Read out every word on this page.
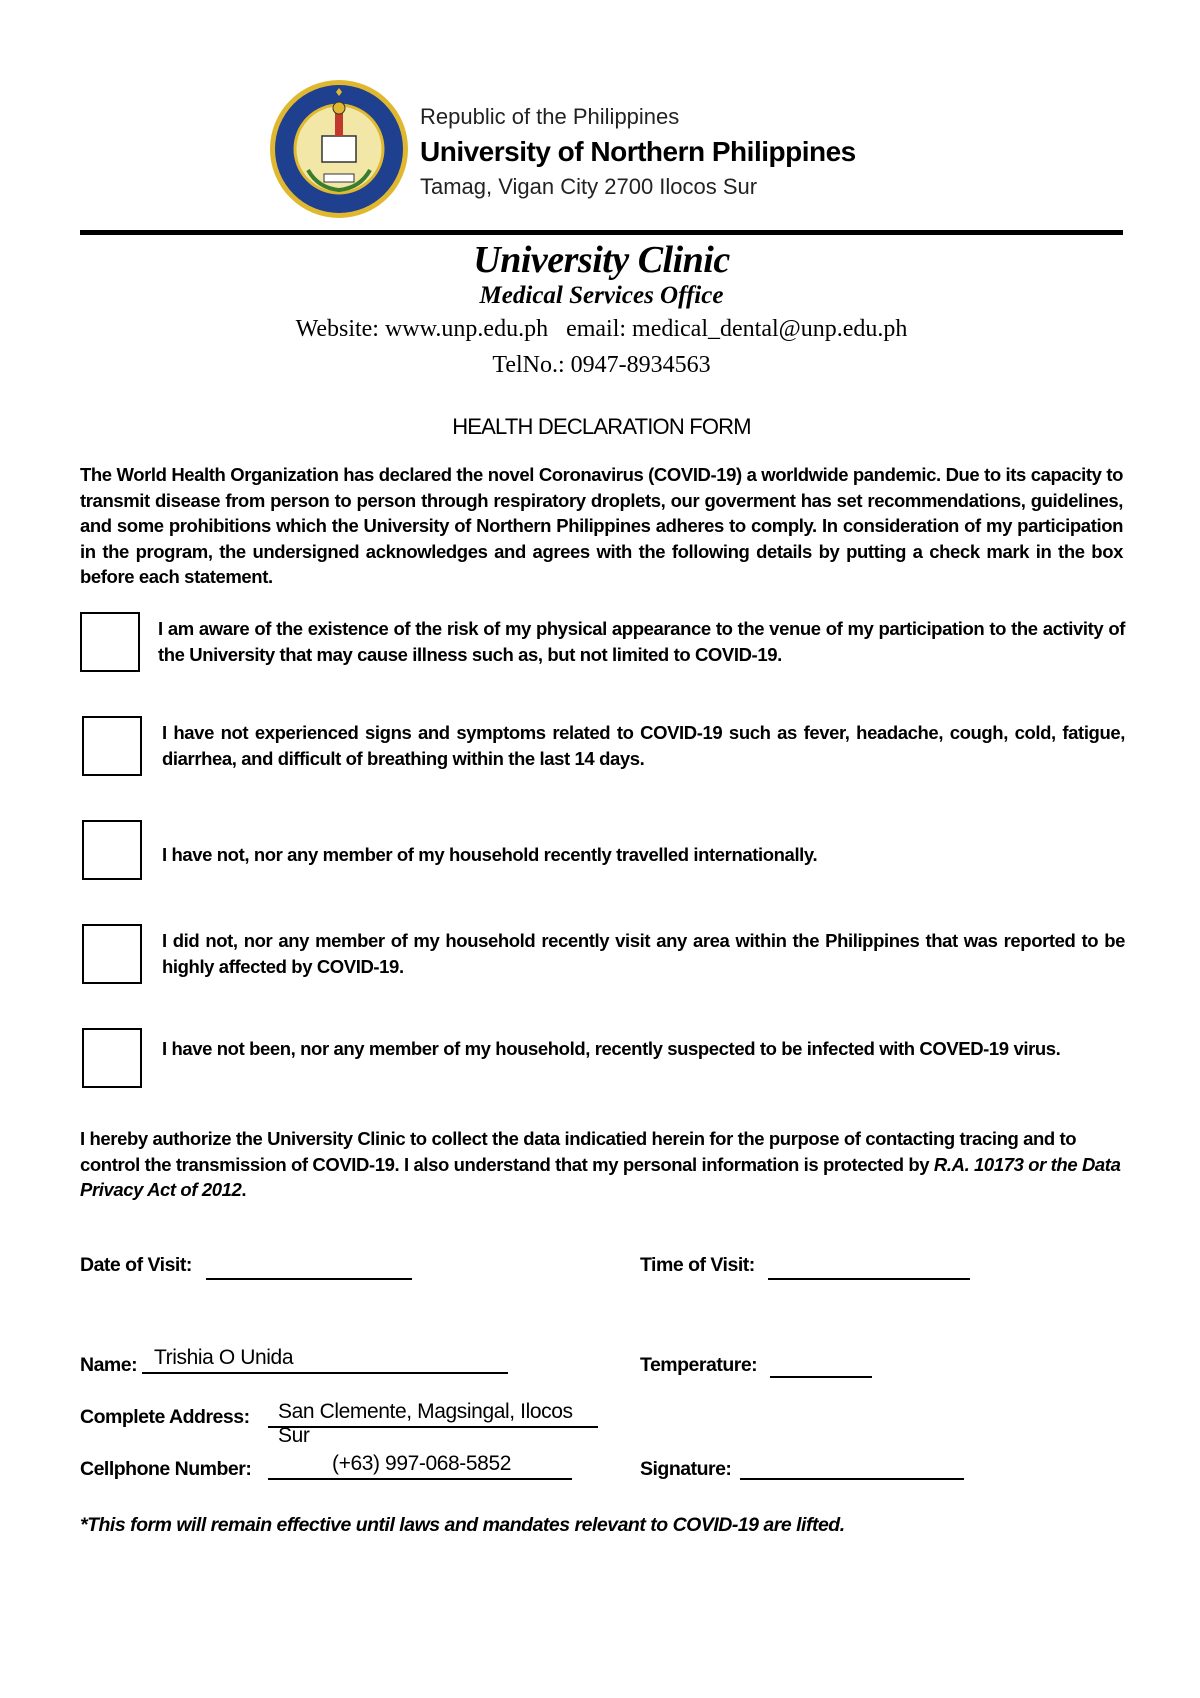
Republic of the Philippines

University of Northern Philippines

Tamag, Vigan City 2700 Ilocos Sur

University Clinic
Medical Services Office
Website: www.unp.edu.ph   email: medical_dental@unp.edu.ph
TelNo.: 0947-8934563
HEALTH DECLARATION FORM
The World Health Organization has declared the novel Coronavirus (COVID-19) a worldwide pandemic. Due to its capacity to transmit disease from person to person through respiratory droplets, our goverment has set recommendations, guidelines, and some prohibitions which the University of Northern Philippines adheres to comply. In consideration of my participation in the program, the undersigned acknowledges and agrees with the following details by putting a check mark in the box before each statement.
I am aware of the existence of the risk of my physical appearance to the venue of my participation to the activity of the University that may cause illness such as, but not limited to COVID-19.
I have not experienced signs and symptoms related to COVID-19 such as fever, headache, cough, cold, fatigue, diarrhea, and difficult of breathing within the last 14 days.
I have not, nor any member of my household recently travelled internationally.
I did not, nor any member of my household recently visit any area within the Philippines that was reported to be highly affected by COVID-19.
I have not been, nor any member of my household, recently suspected to be infected with COVED-19 virus.
I hereby authorize the University Clinic to collect the data indicatied herein for the purpose of contacting tracing and to control the transmission of COVID-19. I also understand that my personal information is protected by R.A. 10173 or the Data Privacy Act of 2012.
Date of Visit:	Time of Visit:
Name: Trishia O Unida	Temperature:
Complete Address: San Clemente, Magsingal, Ilocos Sur
Cellphone Number:	(+63) 997-068-5852	Signature:
*This form will remain effective until laws and mandates relevant to COVID-19 are lifted.
